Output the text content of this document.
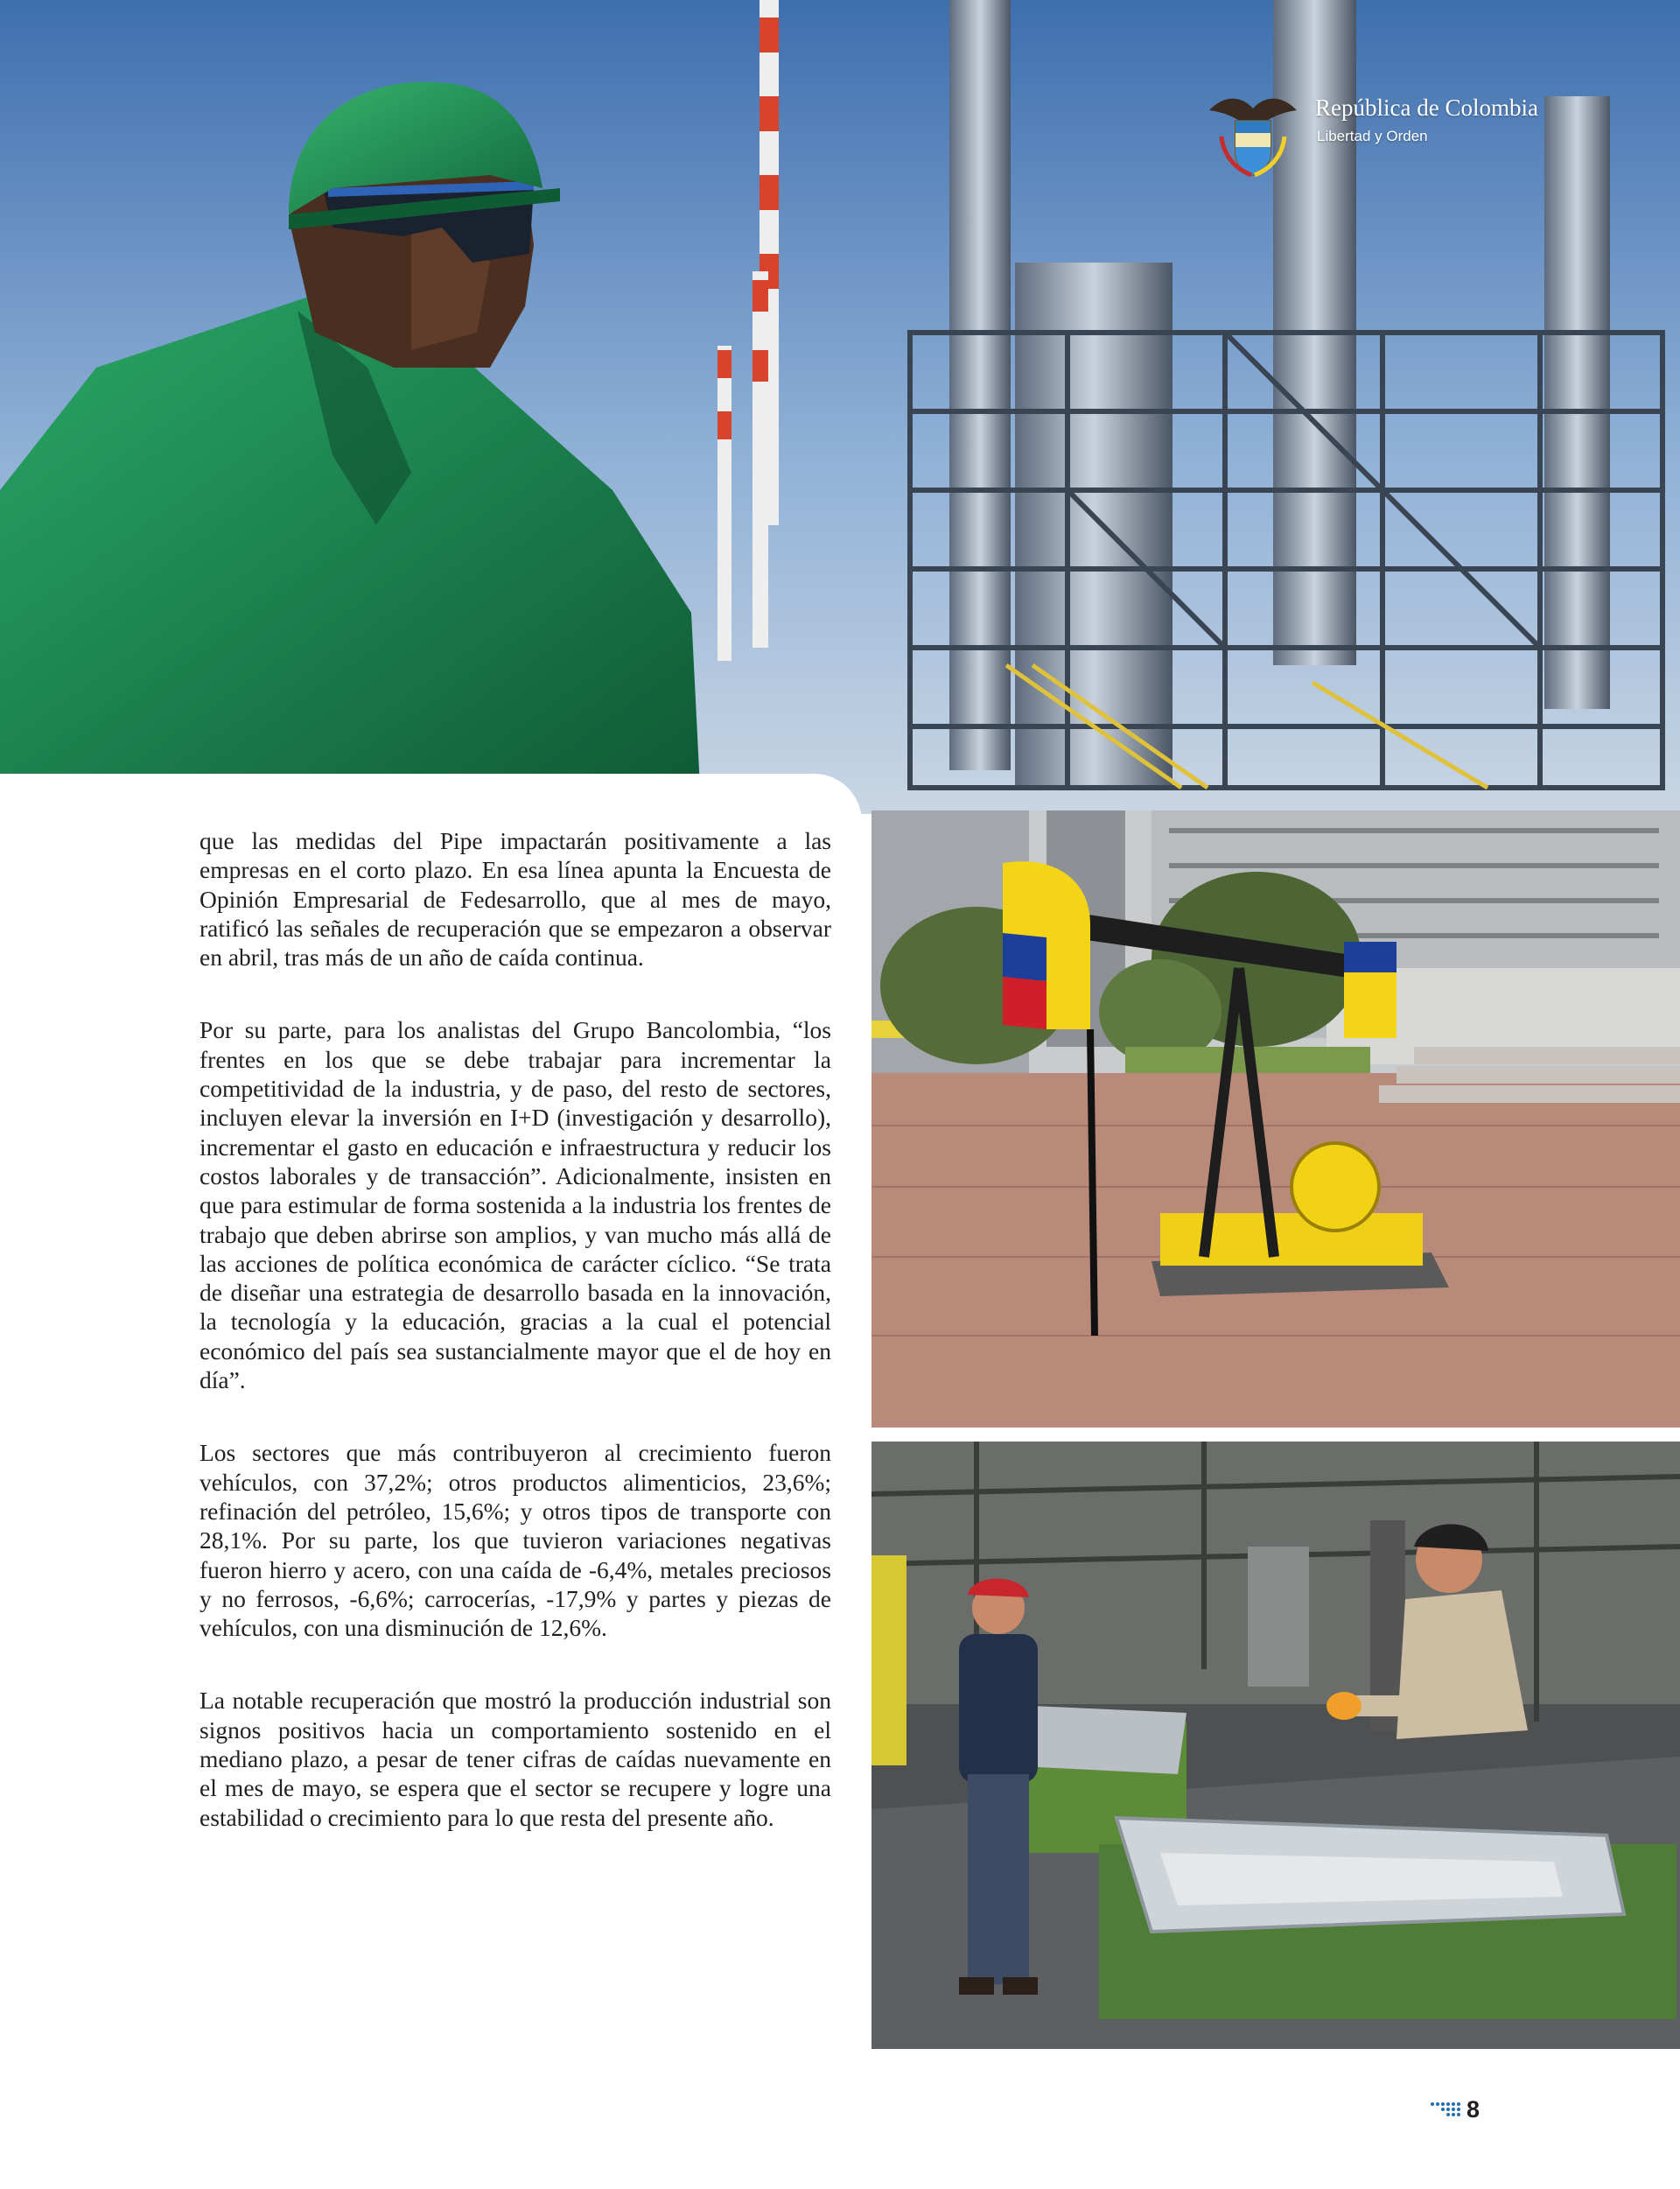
República de Colombia
Libertad y Orden

que las medidas del Pipe impactarán positivamente a las empresas en el corto plazo. En esa línea apunta la Encuesta de Opinión Empresarial de Fedesarrollo, que al mes de mayo, ratificó las señales de recuperación que se empezaron a observar en abril, tras más de un año de caída continua.

Por su parte, para los analistas del Grupo Bancolombia, “los frentes en los que se debe trabajar para incrementar la competitividad de la industria, y de paso, del resto de sectores, incluyen elevar la inversión en I+D (investigación y desarrollo), incrementar el gasto en educación e infraestructura y reducir los costos laborales y de transacción”. Adicionalmente, insisten en que para estimular de forma sostenida a la industria los frentes de trabajo que deben abrirse son amplios, y van mucho más allá de las acciones de política económica de carácter cíclico. “Se trata de diseñar una estrategia de desarrollo basada en la innovación, la tecnología y la educación, gracias a la cual el potencial económico del país sea sustancialmente mayor que el de hoy en día”.

Los sectores que más contribuyeron al crecimiento fueron vehículos, con 37,2%; otros productos alimenticios, 23,6%; refinación del petróleo, 15,6%; y otros tipos de transporte con 28,1%. Por su parte, los que tuvieron variaciones negativas fueron hierro y acero, con una caída de -6,4%, metales preciosos y no ferrosos, -6,6%; carrocerías, -17,9% y partes y piezas de vehículos, con una disminución de 12,6%.

La notable recuperación que mostró la producción industrial son signos positivos hacia un comportamiento sostenido en el mediano plazo, a pesar de tener cifras de caídas nuevamente en el mes de mayo, se espera que el sector se recupere y logre una estabilidad o crecimiento para lo que resta del presente año.

8
